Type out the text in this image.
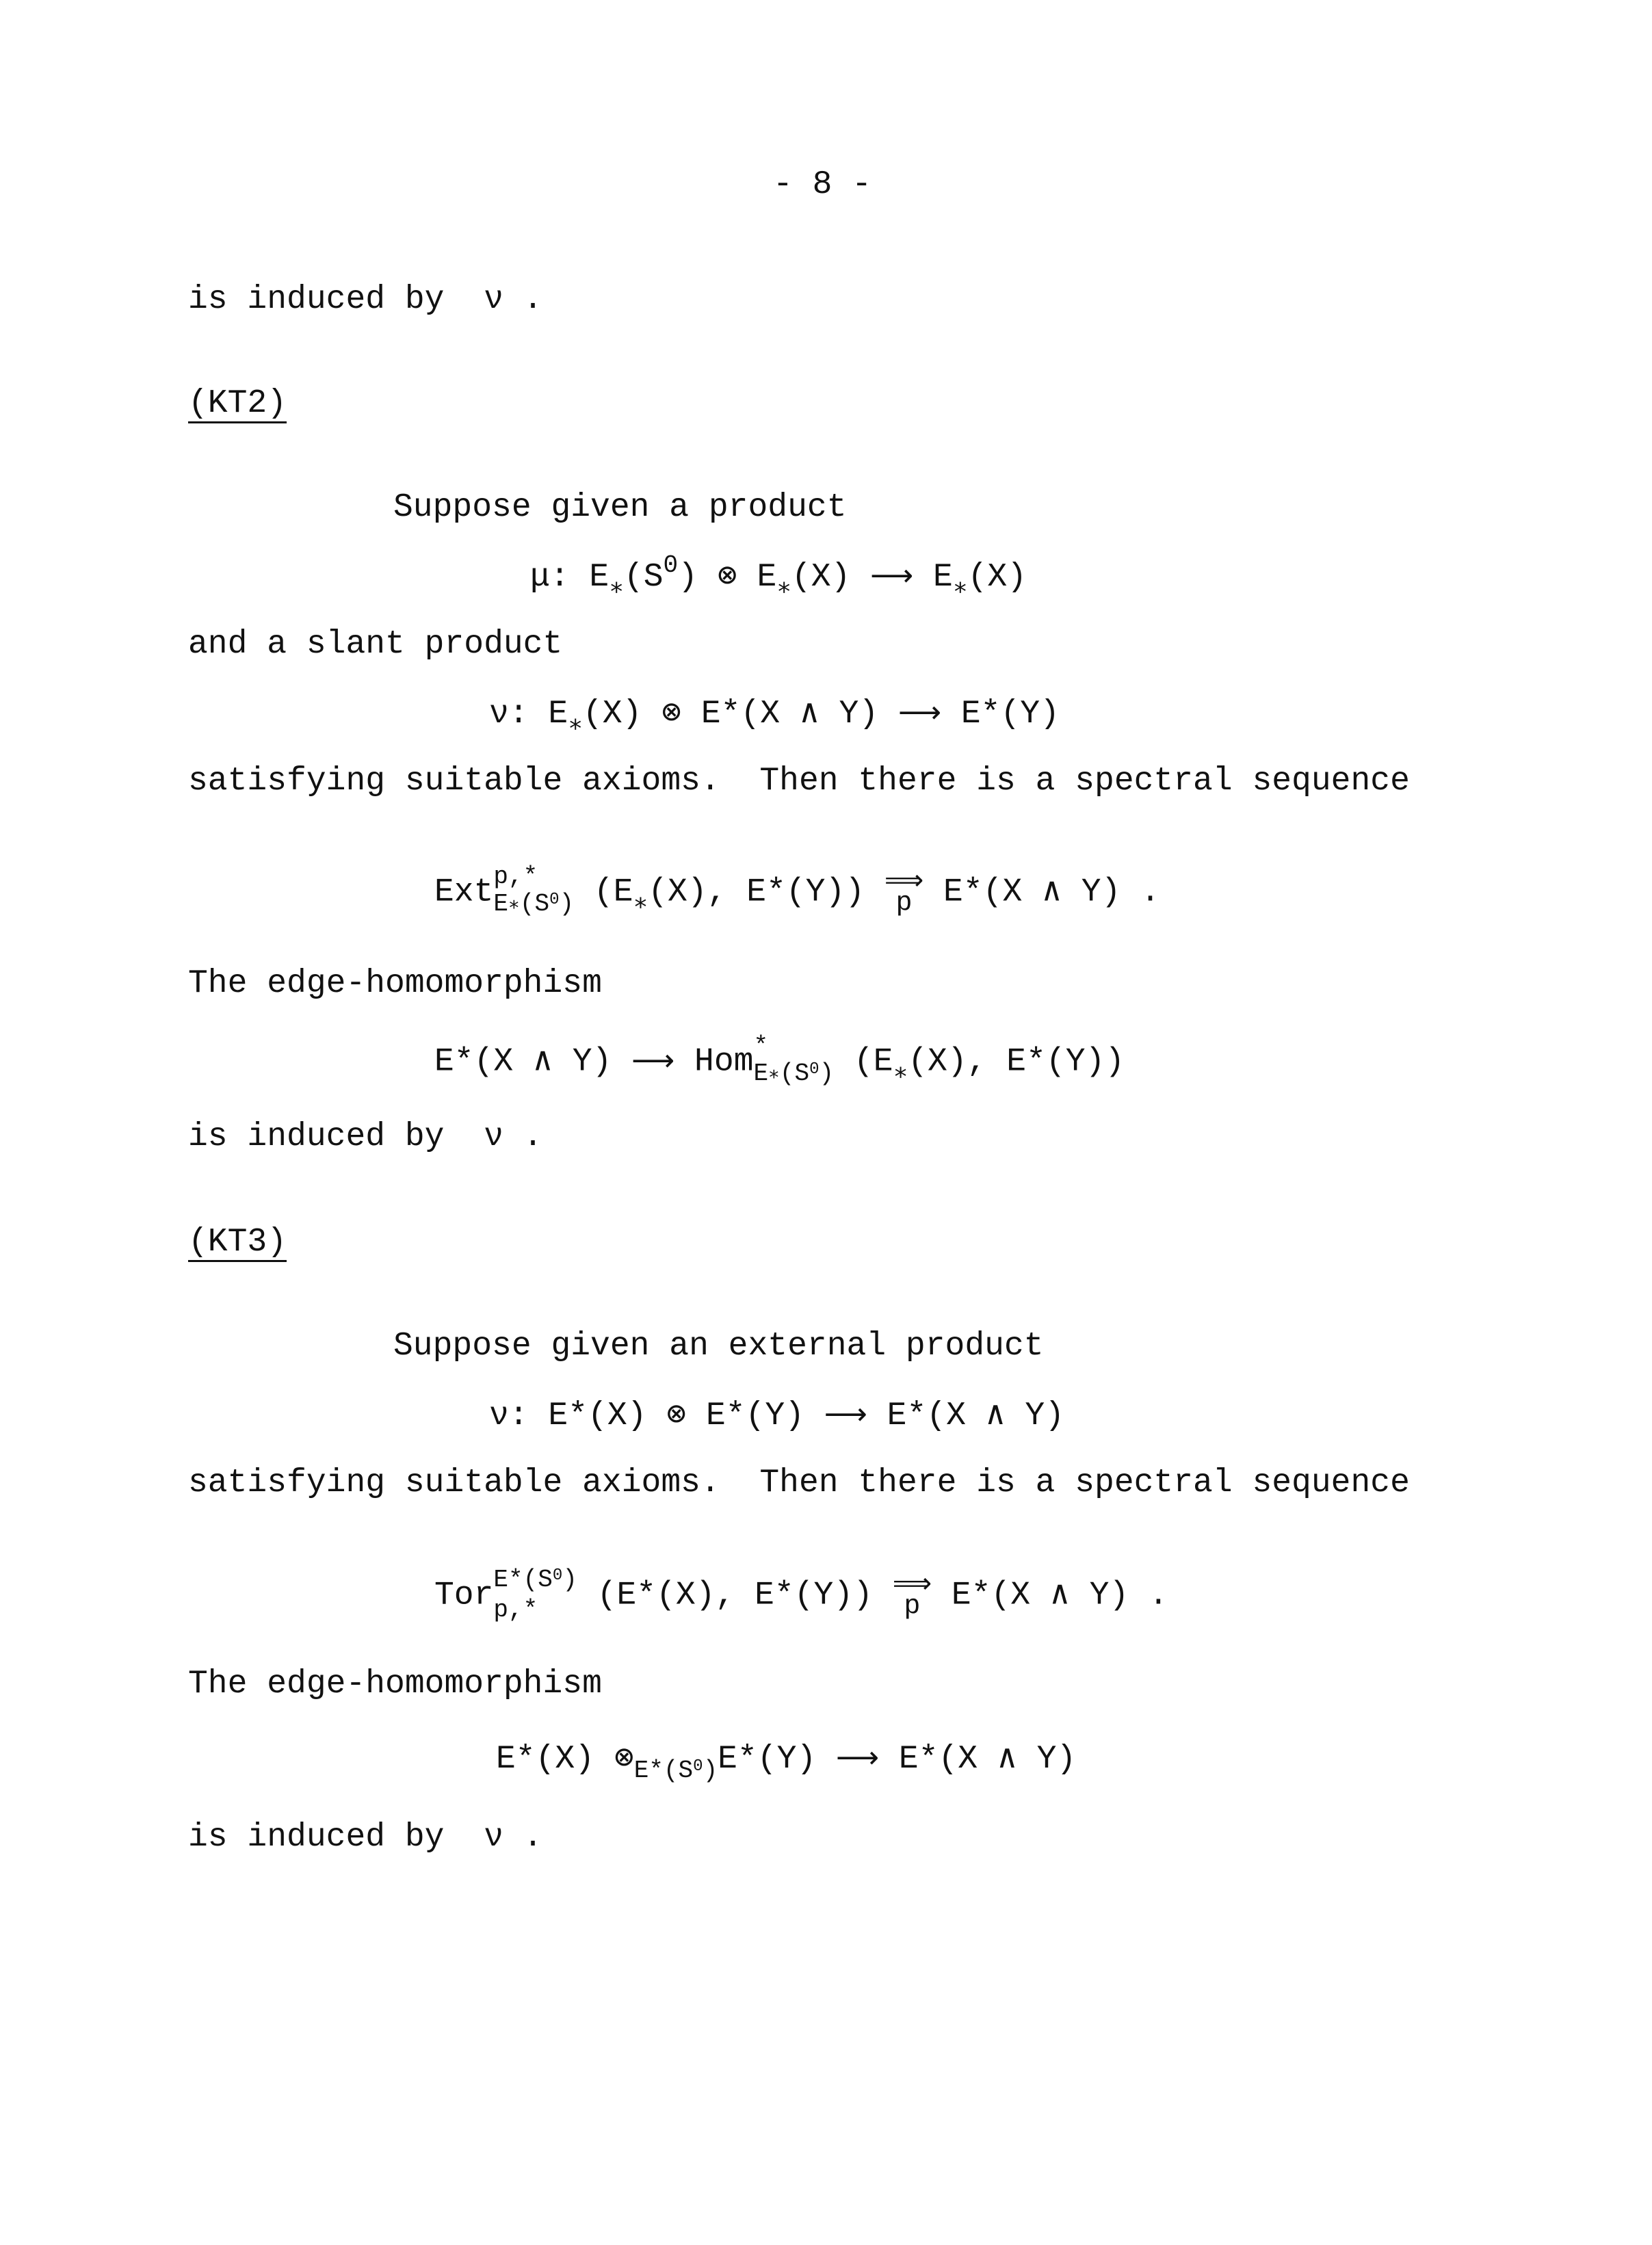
- 8 -
is induced by  ν .
(KT2)
Suppose given a product
μ: $E_∗(S^0)$ ⊗ $E_∗(X)$ ⟶ $E_∗(X)$
and a slant product
ν: $E_∗(X)$ ⊗ E*(X ∧ Y) ⟶ E*(Y)
satisfying suitable axioms.  Then there is a spectral sequence
Ext p,*
$E∗(S^0)$ ($E_∗(X)$, E*(Y)) ⟹
p E*(X ∧ Y) .
The edge-homomorphism
E*(X ∧ Y) ⟶ Hom *
$E∗(S^0)$ ($E_∗(X)$, E*(Y))
is induced by  ν .
(KT3)
Suppose given an external product
ν: E*(X) ⊗ E*(Y) ⟶ E*(X ∧ Y)
satisfying suitable axioms.  Then there is a spectral sequence
Tor $E*(S^0)$
p,*	(E*(X), E*(Y)) ⟹
p E*(X ∧ Y) .
The edge-homomorphism
E*(X) $\otimes_{E*(S^0)}E*(Y)$ ⟶ E*(X ∧ Y)
is induced by  ν .
